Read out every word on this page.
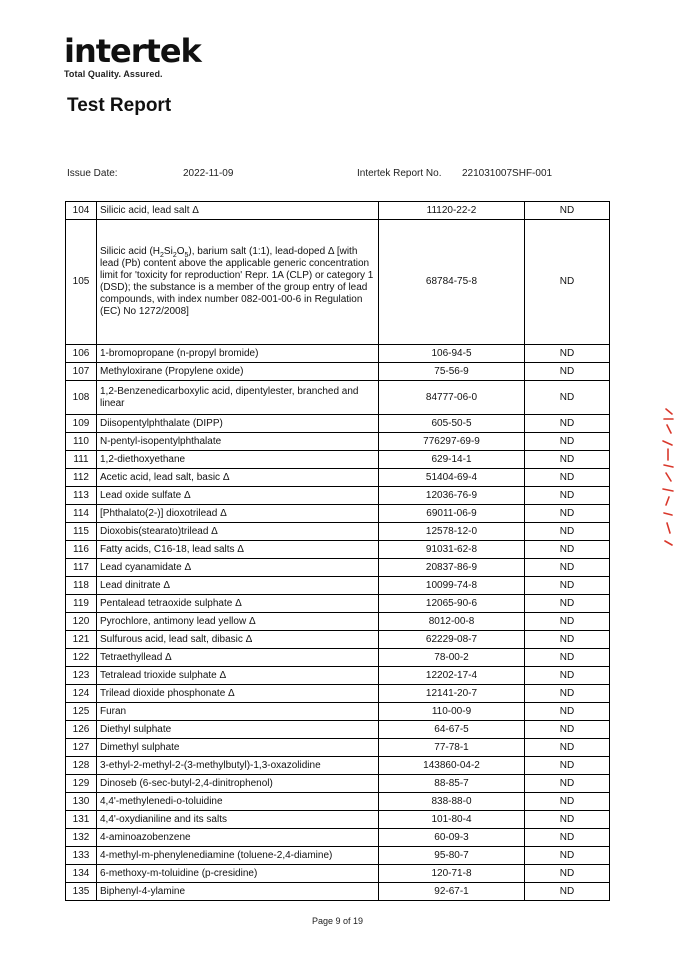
intertek
Total Quality. Assured.
Test Report
Issue Date:	2022-11-09	Intertek Report No. 221031007SHF-001
104	Silicic acid, lead salt Δ	11120-22-2	ND
105	Silicic acid $(H_2Si_2O_5)$, barium salt (1:1), lead-doped Δ [with lead (Pb) content above the applicable generic concentration limit for 'toxicity for reproduction' Repr. 1A (CLP) or category 1 (DSD); the substance is a member of the group entry of lead compounds, with index number 082-001-00-6 in Regulation (EC) No 1272/2008]	68784-75-8	ND
106	1-bromopropane (n-propyl bromide)	106-94-5	ND
107	Methyloxirane (Propylene oxide)	75-56-9	ND
108	1,2-Benzenedicarboxylic acid, dipentylester, branched and linear	84777-06-0	ND
109	Diisopentylphthalate (DIPP)	605-50-5	ND
110	N-pentyl-isopentylphthalate	776297-69-9	ND
111	1,2-diethoxyethane	629-14-1	ND
112	Acetic acid, lead salt, basic Δ	51404-69-4	ND
113	Lead oxide sulfate Δ	12036-76-9	ND
114	[Phthalato(2-)] dioxotrilead Δ	69011-06-9	ND
115	Dioxobis(stearato)trilead Δ	12578-12-0	ND
116	Fatty acids, C16-18, lead salts Δ	91031-62-8	ND
117	Lead cyanamidate Δ	20837-86-9	ND
118	Lead dinitrate Δ	10099-74-8	ND
119	Pentalead tetraoxide sulphate Δ	12065-90-6	ND
120	Pyrochlore, antimony lead yellow Δ	8012-00-8	ND
121	Sulfurous acid, lead salt, dibasic Δ	62229-08-7	ND
122	Tetraethyllead Δ	78-00-2	ND
123	Tetralead trioxide sulphate Δ	12202-17-4	ND
124	Trilead dioxide phosphonate Δ	12141-20-7	ND
125	Furan	110-00-9	ND
126	Diethyl sulphate	64-67-5	ND
127	Dimethyl sulphate	77-78-1	ND
128	3-ethyl-2-methyl-2-(3-methylbutyl)-1,3-oxazolidine	143860-04-2	ND
129	Dinoseb (6-sec-butyl-2,4-dinitrophenol)	88-85-7	ND
130	4,4'-methylenedi-o-toluidine	838-88-0	ND
131	4,4'-oxydianiline and its salts	101-80-4	ND
132	4-aminoazobenzene	60-09-3	ND
133	4-methyl-m-phenylenediamine (toluene-2,4-diamine)	95-80-7	ND
134	6-methoxy-m-toluidine (p-cresidine)	120-71-8	ND
135	Biphenyl-4-ylamine	92-67-1	ND
Page 9 of 19
